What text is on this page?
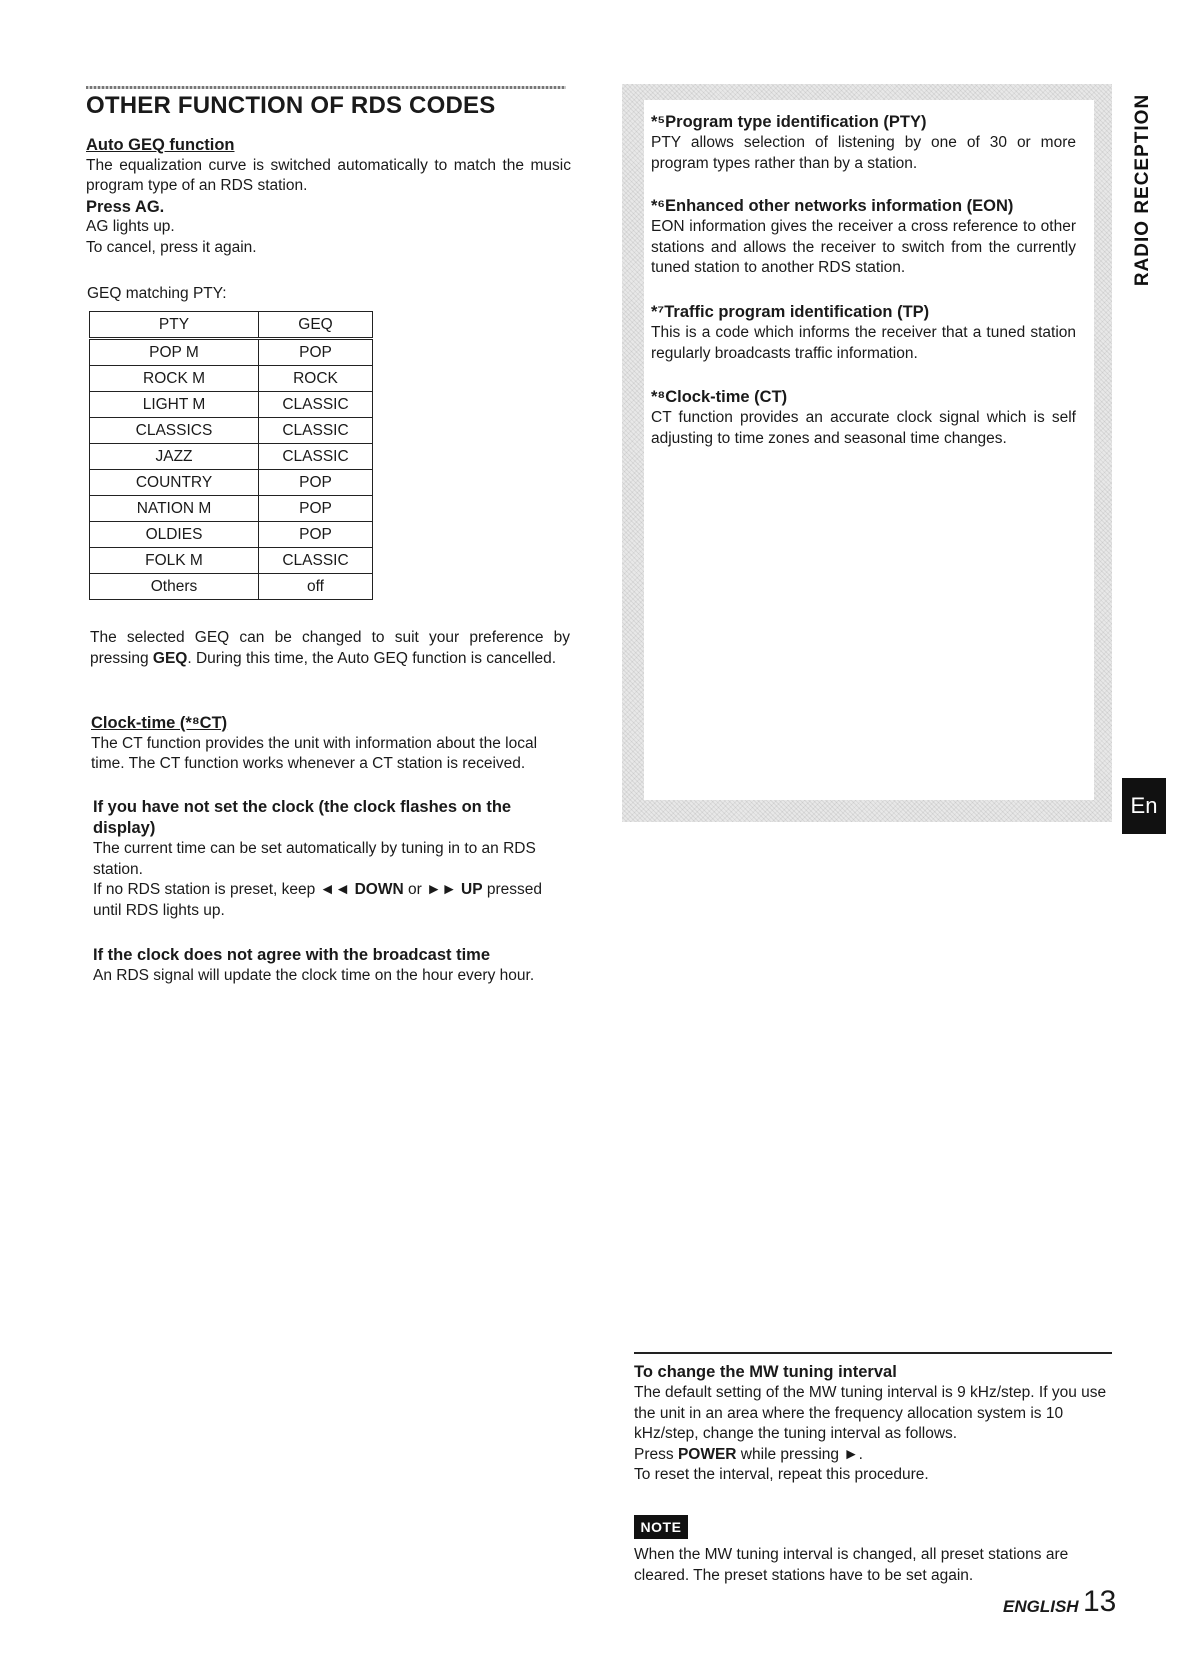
OTHER FUNCTION OF RDS CODES

Auto GEQ function

The equalization curve is switched automatically to match the music program type of an RDS station.

Press AG.

AG lights up.

To cancel, press it again.

GEQ matching PTY:

PTY	GEQ
POP M	POP
ROCK M	ROCK
LIGHT M	CLASSIC
CLASSICS	CLASSIC
JAZZ	CLASSIC
COUNTRY	POP
NATION M	POP
OLDIES	POP
FOLK M	CLASSIC
Others	off

The selected GEQ can be changed to suit your preference by pressing GEQ. During this time, the Auto GEQ function is cancelled.

Clock-time (*⁸CT)

The CT function provides the unit with information about the local time. The CT function works whenever a CT station is received.

If you have not set the clock (the clock flashes on the display)

The current time can be set automatically by tuning in to an RDS station.

If no RDS station is preset, keep ◄◄ DOWN or ►► UP pressed until RDS lights up.

If the clock does not agree with the broadcast time

An RDS signal will update the clock time on the hour every hour.

*⁵Program type identification (PTY)

PTY allows selection of listening by one of 30 or more program types rather than by a station.

*⁶Enhanced other networks information (EON)

EON information gives the receiver a cross reference to other stations and allows the receiver to switch from the currently tuned station to another RDS station.

*⁷Traffic program identification (TP)

This is a code which informs the receiver that a tuned station regularly broadcasts traffic information.

*⁸Clock-time (CT)

CT function provides an accurate clock signal which is self adjusting to time zones and seasonal time changes.

RADIO RECEPTION
En

To change the MW tuning interval

The default setting of the MW tuning interval is 9 kHz/step. If you use the unit in an area where the frequency allocation system is 10 kHz/step, change the tuning interval as follows.

Press POWER while pressing ►.

To reset the interval, repeat this procedure.

NOTE

When the MW tuning interval is changed, all preset stations are cleared. The preset stations have to be set again.

ENGLISH 13
